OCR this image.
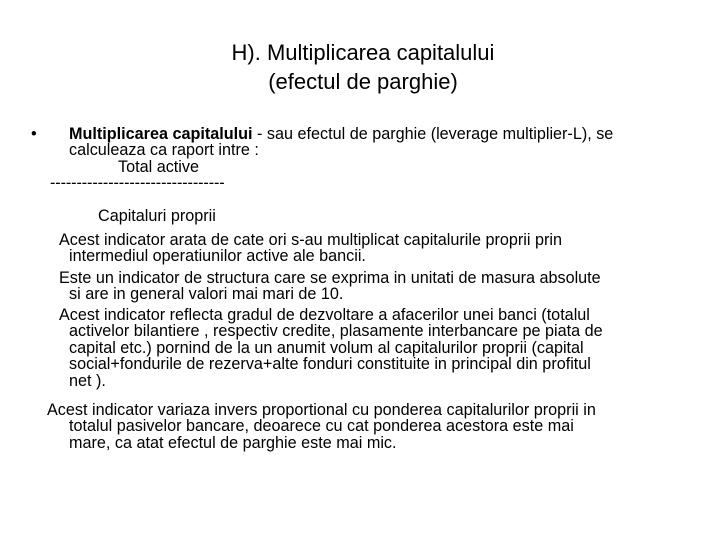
H). Multiplicarea capitalului
(efectul de parghie)
• Multiplicarea capitalului - sau efectul de parghie (leverage multiplier-L), se
calculeaza ca raport intre :
Total active
---------------------------------
Capitaluri proprii
Acest indicator arata de cate ori s-au multiplicat capitalurile proprii prin
intermediul operatiunilor active ale bancii.
Este un indicator de structura care se exprima in unitati de masura absolute
si are in general valori mai mari de 10.
Acest indicator reflecta gradul de dezvoltare a afacerilor unei banci (totalul
activelor bilantiere , respectiv credite, plasamente interbancare pe piata de
capital etc.) pornind de la un anumit volum al capitalurilor proprii (capital
social+fondurile de rezerva+alte fonduri constituite in principal din profitul
net ).
Acest indicator variaza invers proportional cu ponderea capitalurilor proprii in
totalul pasivelor bancare, deoarece cu cat ponderea acestora este mai
mare, ca atat efectul de parghie este mai mic.
